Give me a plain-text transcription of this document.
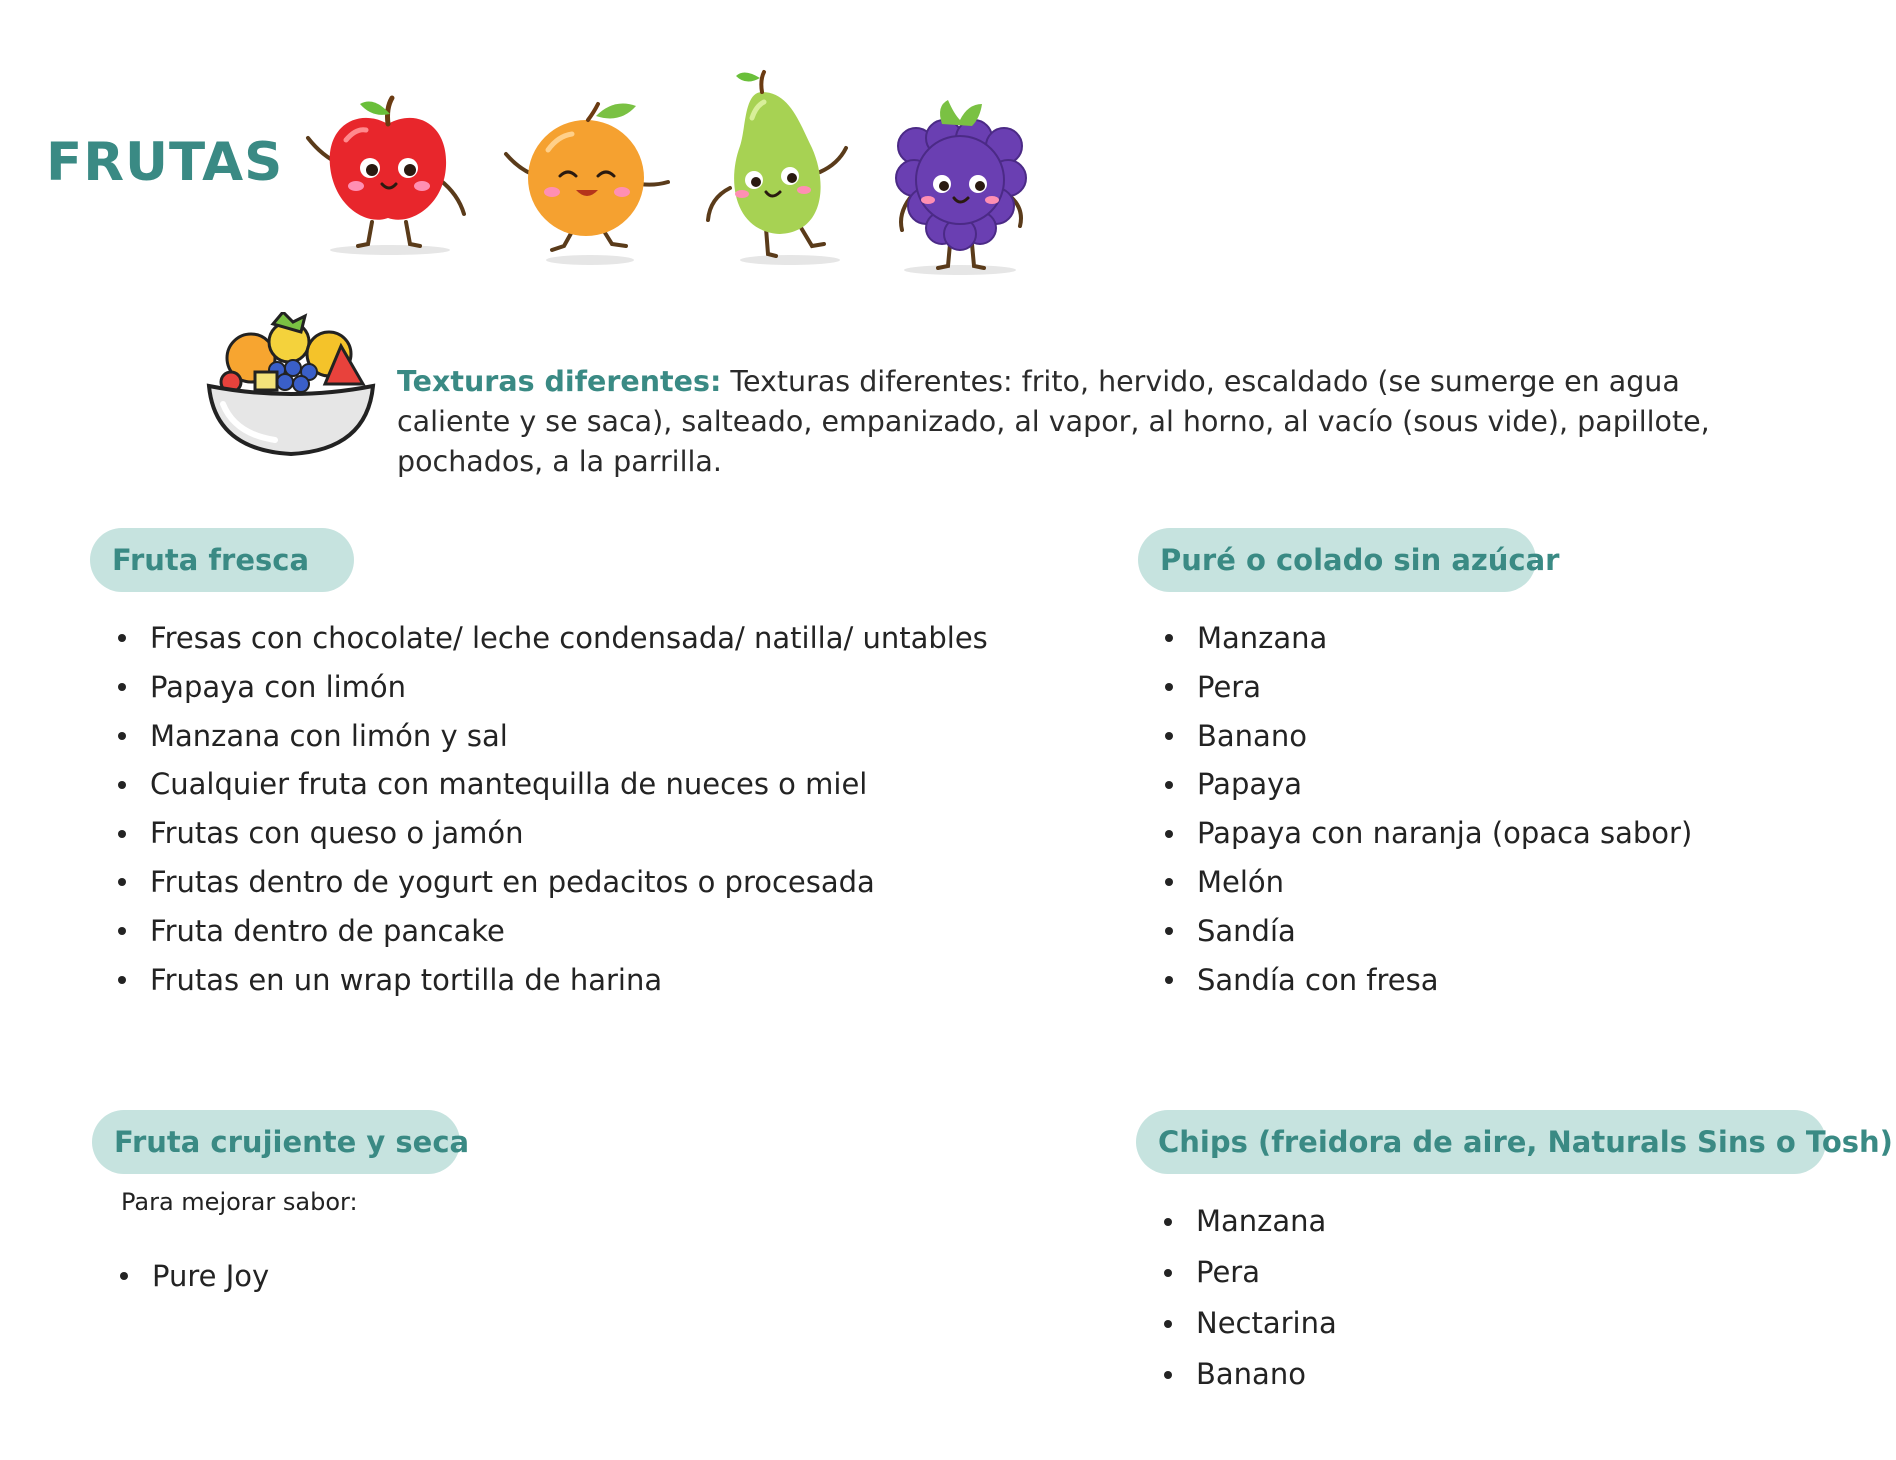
FRUTAS

Texturas diferentes: Texturas diferentes: frito, hervido, escaldado (se sumerge en agua caliente y se saca), salteado, empanizado, al vapor, al horno, al vacío (sous vide), papillote, pochados, a la parrilla.

Fruta fresca
Fresas con chocolate/ leche condensada/ natilla/ untables
Papaya con limón
Manzana con limón y sal
Cualquier fruta con mantequilla de nueces o miel
Frutas con queso o jamón
Frutas dentro de yogurt en pedacitos o procesada
Fruta dentro de pancake
Frutas en un wrap tortilla de harina
Puré o colado sin azúcar
Manzana
Pera
Banano
Papaya
Papaya con naranja (opaca sabor)
Melón
Sandía
Sandía con fresa
Fruta crujiente y seca

Para mejorar sabor:

Pure Joy
Chips (freidora de aire, Naturals Sins o Tosh)
Manzana
Pera
Nectarina
Banano
